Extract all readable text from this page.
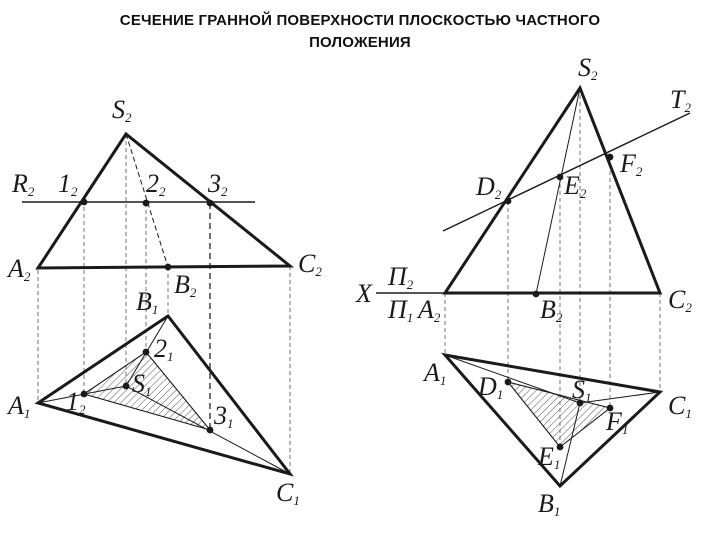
СЕЧЕНИЕ ГРАННОЙ ПОВЕРХНОСТИ ПЛОСКОСТЬЮ ЧАСТНОГО
ПОЛОЖЕНИЯ
$S_2$
$R_2$ $1_2$	$2_2$ $3_2$
$A_2$	$B_2$
$C_2$
$B_1$
$2_1$
$S_1$
$A_1$ $1_2$	$3_1$
$C_1$
$S_2$
$T_2$
$F_2$
$E_2$
$D_2$
X
$П_2$
$П_1$ $A_2$	$B_2$
$C_2$
$A_1$ $D_1$	$S_1$
$F_1$
$C_1$
$E_1$
$B_1$
